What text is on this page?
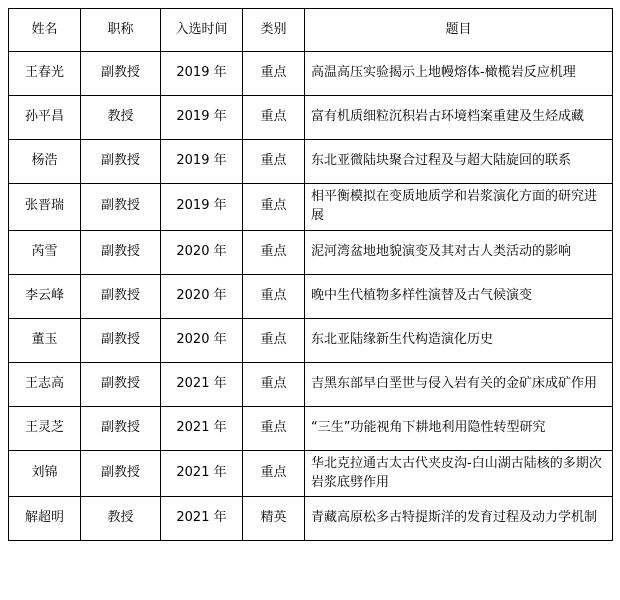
姓名	职称	入选时间	类别	题目
王春光	副教授	2019 年	重点	高温高压实验揭示上地幔熔体-橄榄岩反应机理
孙平昌	教授	2019 年	重点	富有机质细粒沉积岩古环境档案重建及生烃成藏
杨浩	副教授	2019 年	重点	东北亚微陆块聚合过程及与超大陆旋回的联系
张晋瑞	副教授	2019 年	重点	相平衡模拟在变质地质学和岩浆演化方面的研究进展
芮雪	副教授	2020 年	重点	泥河湾盆地地貌演变及其对古人类活动的影响
李云峰	副教授	2020 年	重点	晚中生代植物多样性演替及古气候演变
董玉	副教授	2020 年	重点	东北亚陆缘新生代构造演化历史
王志高	副教授	2021 年	重点	吉黑东部早白垩世与侵入岩有关的金矿床成矿作用
王灵芝	副教授	2021 年	重点	“三生”功能视角下耕地利用隐性转型研究
刘锦	副教授	2021 年	重点	华北克拉通古太古代夹皮沟-白山湖古陆核的多期次岩浆底劈作用
解超明	教授	2021 年	精英	青藏高原松多古特提斯洋的发育过程及动力学机制
